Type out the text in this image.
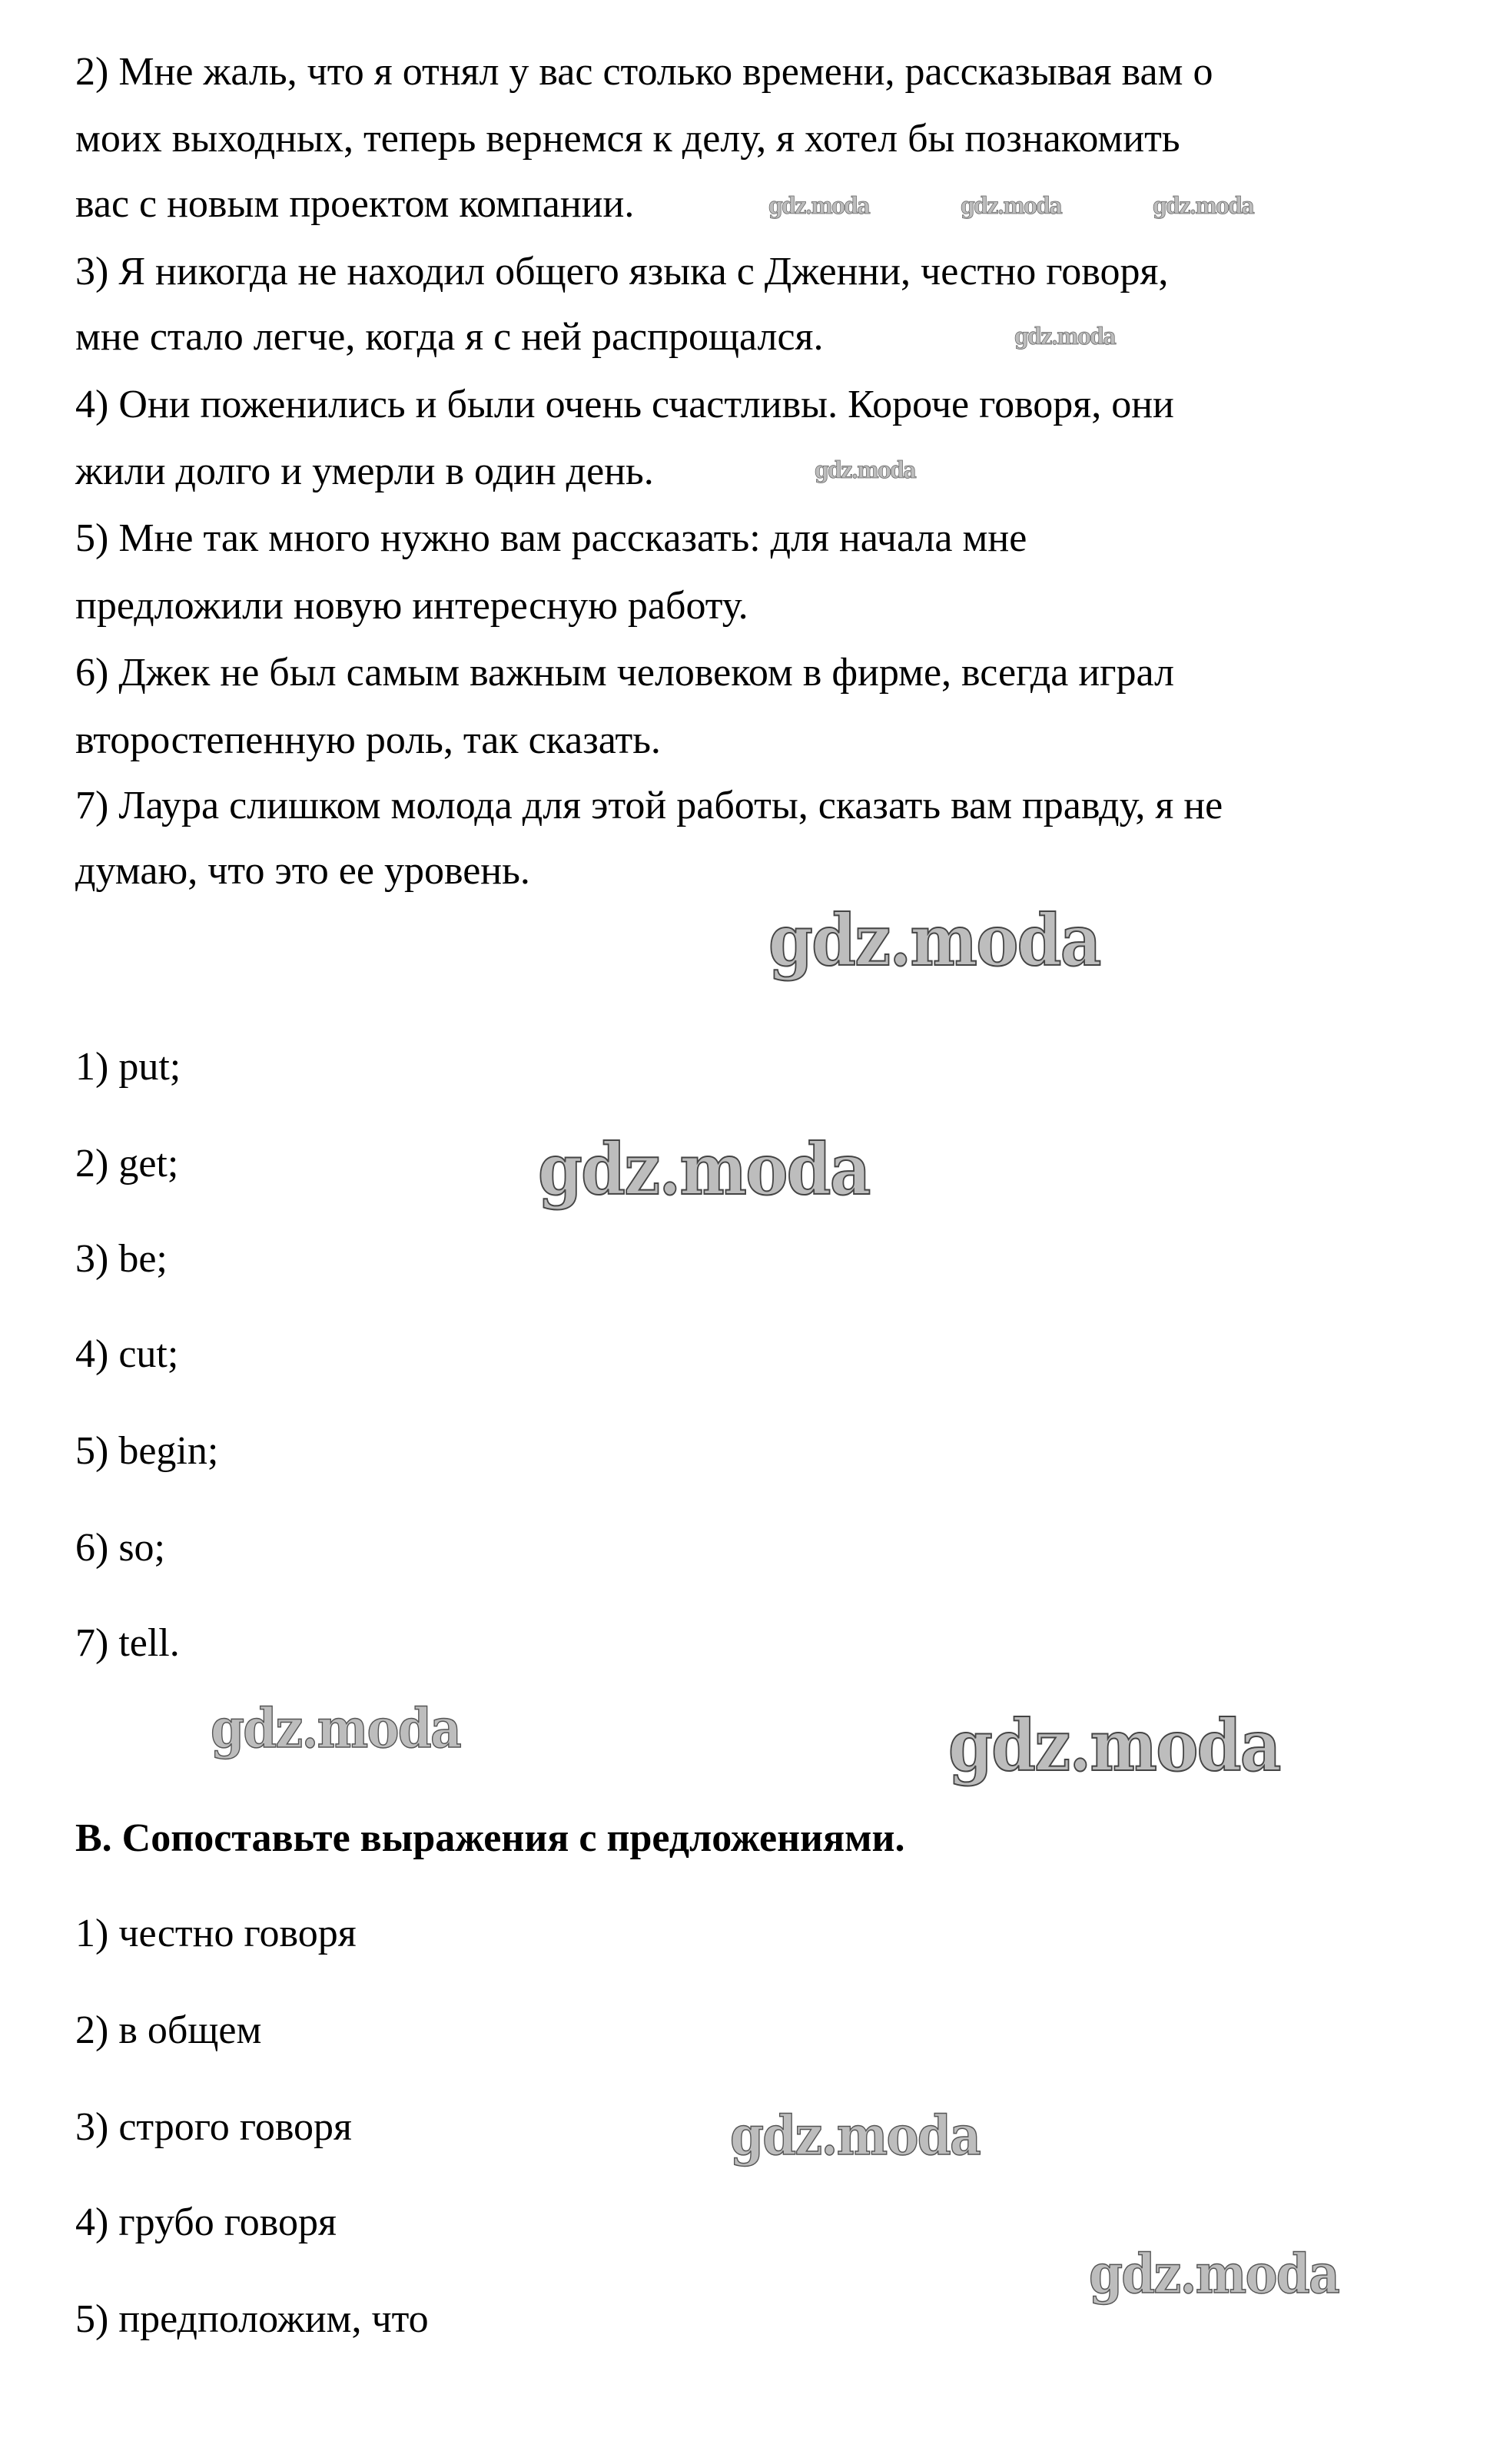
gdz.moda	gdz.moda	gdz.moda
gdz.moda
gdz.moda
gdz.moda
gdz.moda
gdz.moda	gdz.moda
gdz.moda
gdz.moda
2) Мне жаль, что я отнял у вас столько времени, рассказывая вам о
моих выходных, теперь вернемся к делу, я хотел бы познакомить
вас с новым проектом компании.
3) Я никогда не находил общего языка с Дженни, честно говоря,
мне стало легче, когда я с ней распрощался.
4) Они поженились и были очень счастливы. Короче говоря, они
жили долго и умерли в один день.
5) Мне так много нужно вам рассказать: для начала мне
предложили новую интересную работу.
6) Джек не был самым важным человеком в фирме, всегда играл
второстепенную роль, так сказать.
7) Лаура слишком молода для этой работы, сказать вам правду, я не
думаю, что это ее уровень.
1) put;
2) get;
3) be;
4) cut;
5) begin;
6) so;
7) tell.
B. Сопоставьте выражения с предложениями.
1) честно говоря
2) в общем
3) строго говоря
4) грубо говоря
5) предположим, что
